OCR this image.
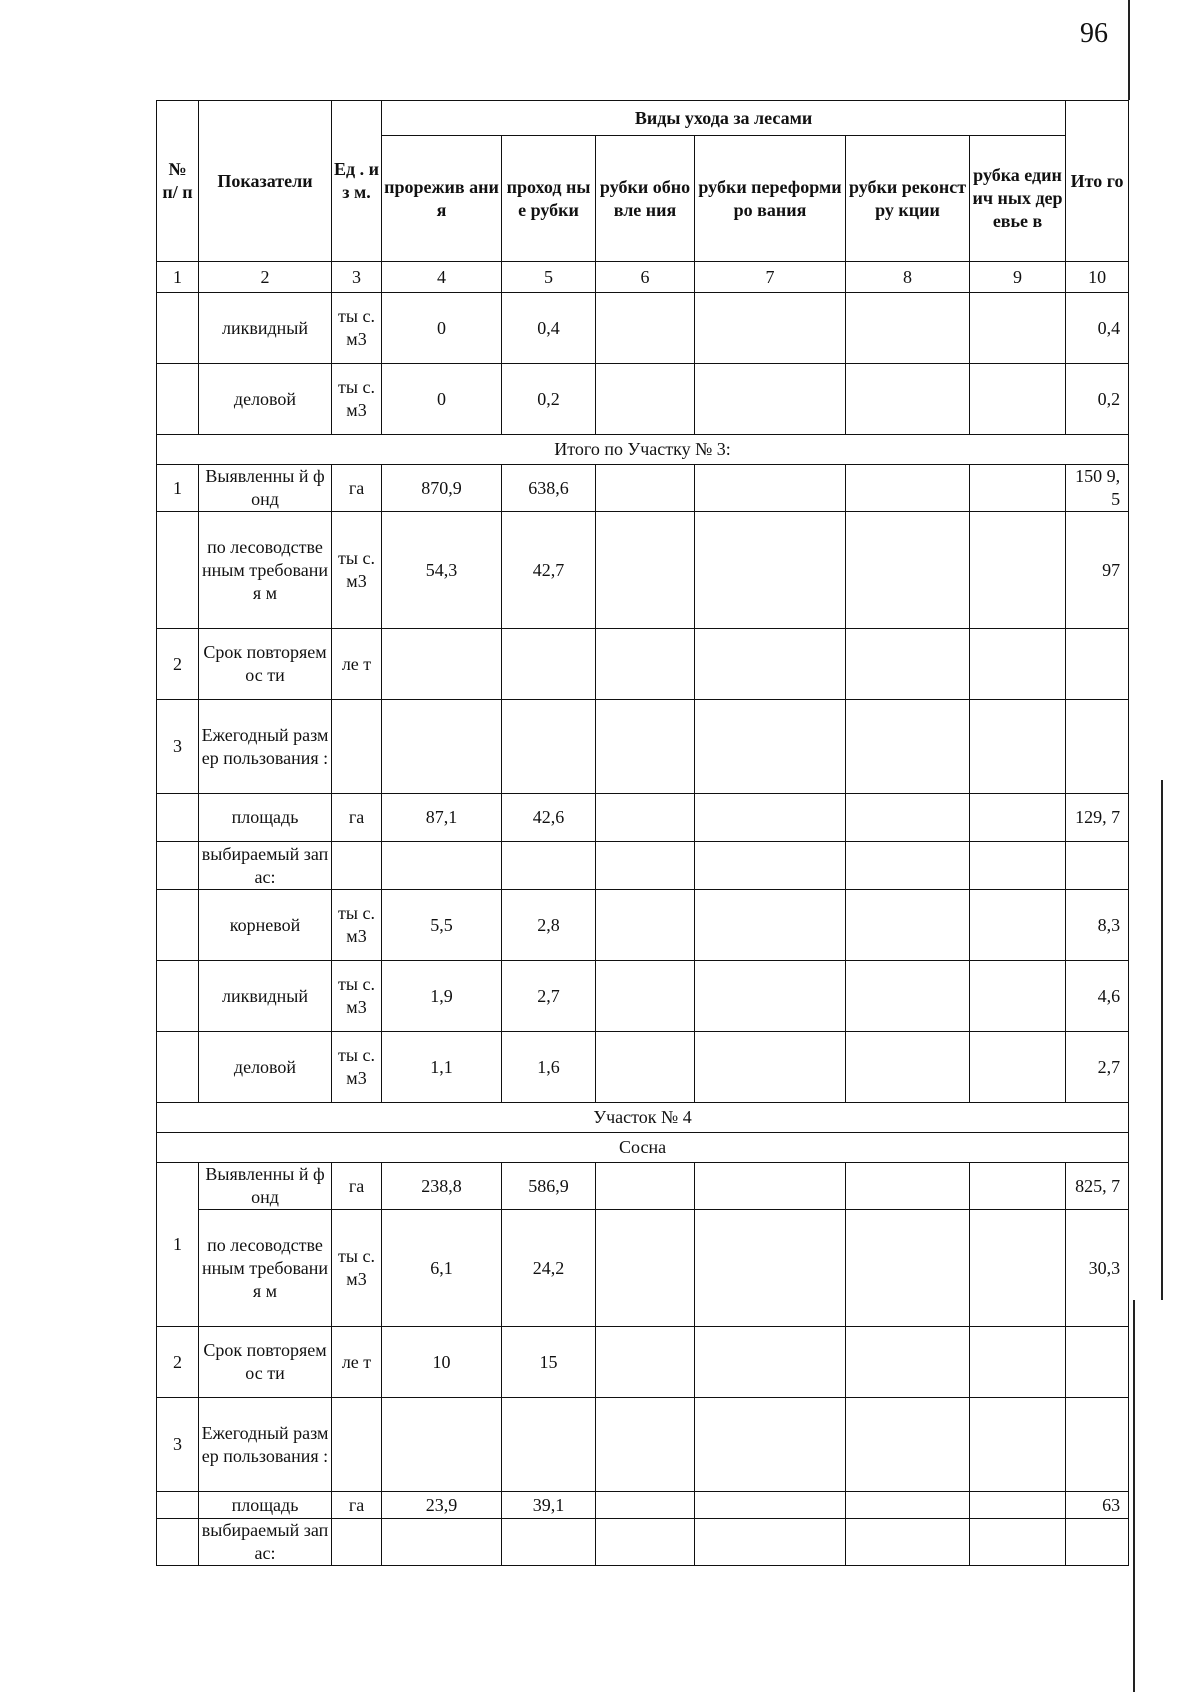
96
№ п/ п	Показатели	Ед . из м.	Виды ухода за лесами						Ито го
			прорежив ания	проход ные рубки	рубки обновле ния	рубки переформиро вания	рубки реконстру кции	рубка единич ных деревье в	
1	2	3	4	5	6	7	8	9	10
	ликвидный	ты с. м3	0	0,4					0,4
	деловой	ты с. м3	0	0,2					0,2
Итого по Участку № 3:									
1	Выявленны й фонд	га	870,9	638,6					150 9,5
	по лесоводстве нным требования м	ты с. м3	54,3	42,7					97
2	Срок повторяемос ти	ле т							
3	Ежегодный размер пользования :								
	площадь	га	87,1	42,6					129, 7
	выбираемый запас:								
	корневой	ты с. м3	5,5	2,8					8,3
	ликвидный	ты с. м3	1,9	2,7					4,6
	деловой	ты с. м3	1,1	1,6					2,7
Участок № 4									
Сосна									
1	Выявленны й фонд	га	238,8	586,9					825, 7
	по лесоводстве нным требования м	ты с. м3	6,1	24,2					30,3
2	Срок повторяемос ти	ле т	10	15					
3	Ежегодный размер пользования :								
	площадь	га	23,9	39,1					63
	выбираемый запас:								
